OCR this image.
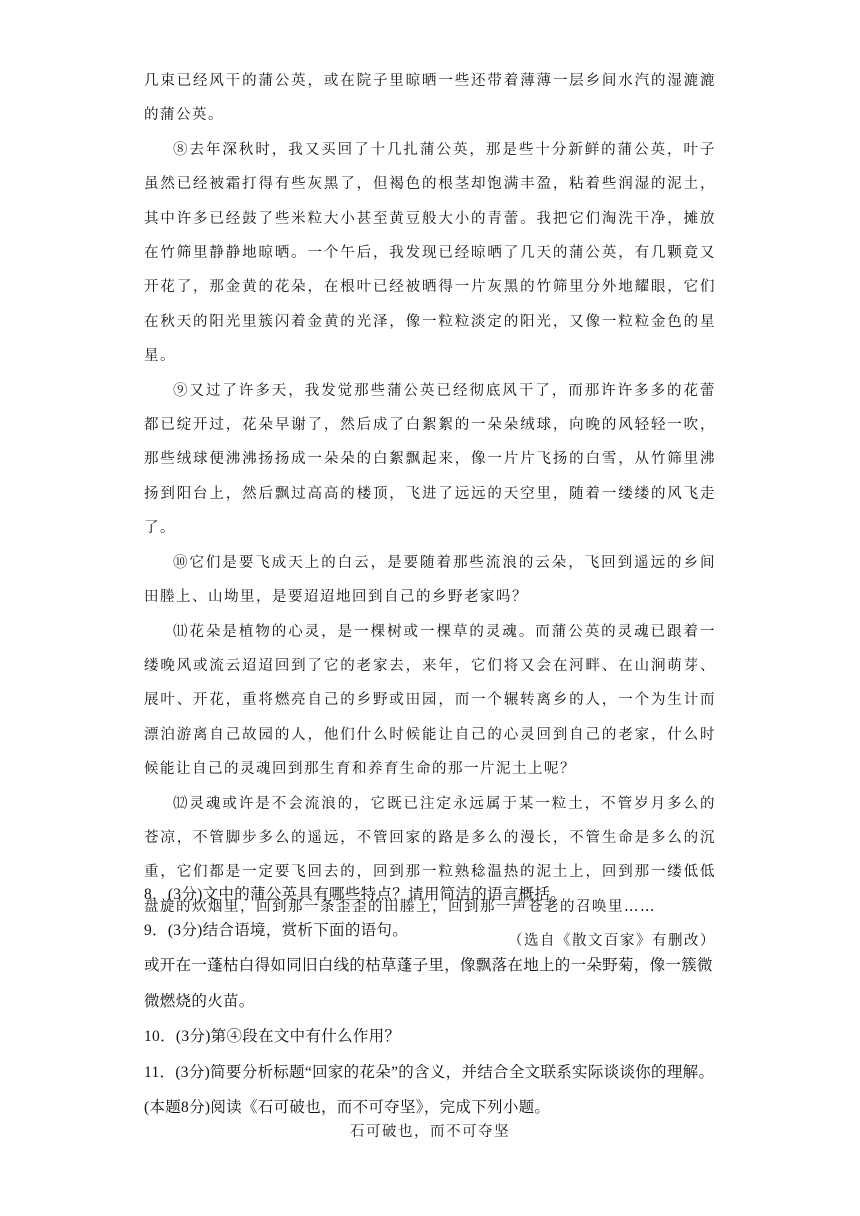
几束已经风干的蒲公英，或在院子里晾晒一些还带着薄薄一层乡间水汽的湿漉漉的蒲公英。

⑧去年深秋时，我又买回了十几扎蒲公英，那是些十分新鲜的蒲公英，叶子虽然已经被霜打得有些灰黑了，但褐色的根茎却饱满丰盈，粘着些润湿的泥土，其中许多已经鼓了些米粒大小甚至黄豆般大小的青蕾。我把它们淘洗干净，摊放在竹筛里静静地晾晒。一个午后，我发现已经晾晒了几天的蒲公英，有几颗竟又开花了，那金黄的花朵，在根叶已经被晒得一片灰黑的竹筛里分外地耀眼，它们在秋天的阳光里簇闪着金黄的光泽，像一粒粒淡定的阳光，又像一粒粒金色的星星。

⑨又过了许多天，我发觉那些蒲公英已经彻底风干了，而那许许多多的花蕾都已绽开过，花朵早谢了，然后成了白絮絮的一朵朵绒球，向晚的风轻轻一吹，那些绒球便沸沸扬扬成一朵朵的白絮飘起来，像一片片飞扬的白雪，从竹筛里沸扬到阳台上，然后飘过高高的楼顶，飞进了远远的天空里，随着一缕缕的风飞走了。

⑩它们是要飞成天上的白云，是要随着那些流浪的云朵，飞回到遥远的乡间田塍上、山坳里，是要迢迢地回到自己的乡野老家吗？

⑾花朵是植物的心灵，是一棵树或一棵草的灵魂。而蒲公英的灵魂已跟着一缕晚风或流云迢迢回到了它的老家去，来年，它们将又会在河畔、在山涧萌芽、展叶、开花，重将燃亮自己的乡野或田园，而一个辗转离乡的人，一个为生计而漂泊游离自己故园的人，他们什么时候能让自己的心灵回到自己的老家，什么时候能让自己的灵魂回到那生育和养育生命的那一片泥土上呢？

⑿灵魂或许是不会流浪的，它既已注定永远属于某一粒土，不管岁月多么的苍凉，不管脚步多么的遥远，不管回家的路是多么的漫长，不管生命是多么的沉重，它们都是一定要飞回去的，回到那一粒熟稔温热的泥土上，回到那一缕低低盘旋的炊烟里，回到那一条歪歪的田塍上，回到那一声苍老的召唤里……

（选自《散文百家》有删改）

8．(3分)文中的蒲公英具有哪些特点？请用简洁的语言概括。

9．(3分)结合语境，赏析下面的语句。

或开在一蓬枯白得如同旧白线的枯草蓬子里，像飘落在地上的一朵野菊，像一簇微微燃烧的火苗。

10．(3分)第④段在文中有什么作用？

11．(3分)简要分析标题“回家的花朵”的含义，并结合全文联系实际谈谈你的理解。

(本题8分)阅读《石可破也，而不可夺坚》，完成下列小题。

石可破也，而不可夺坚
